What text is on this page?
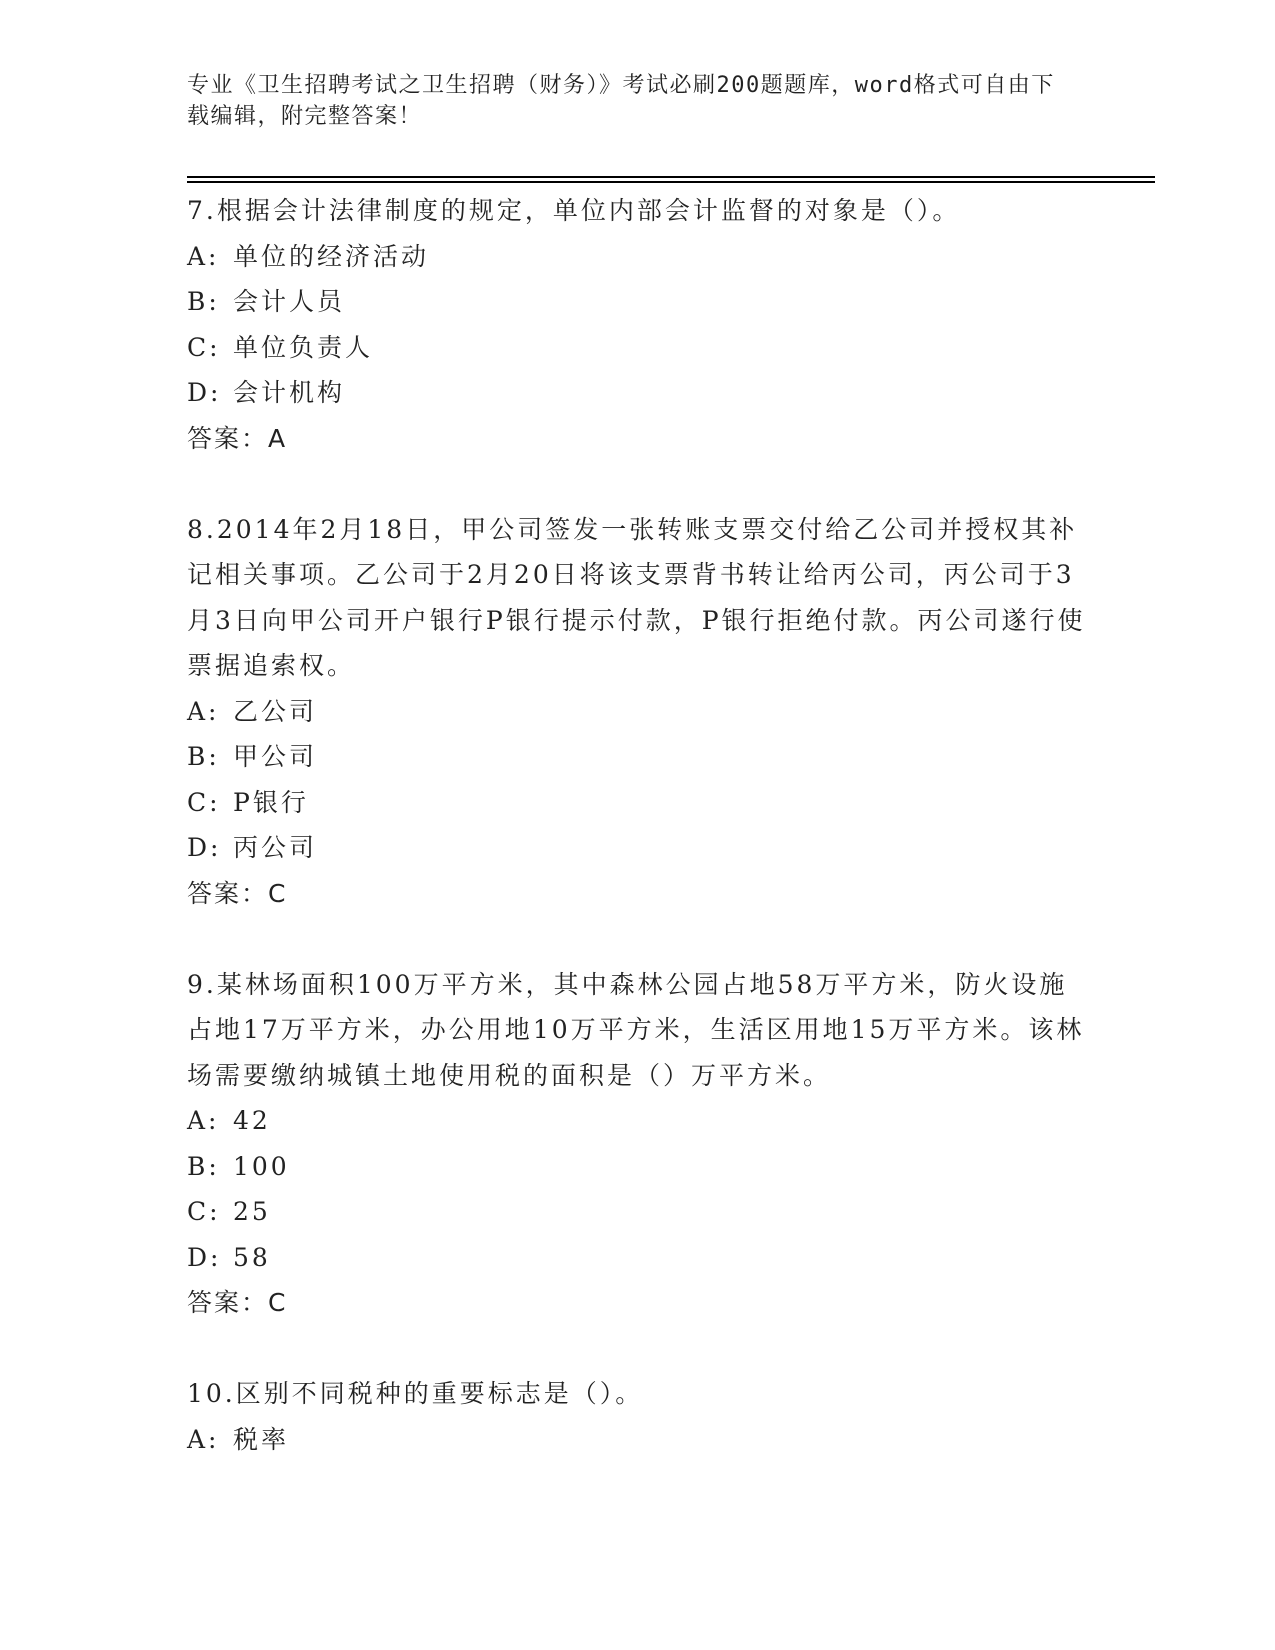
专业《卫生招聘考试之卫生招聘（财务）》考试必刷200题题库，word格式可自由下载编辑，附完整答案！
7.根据会计法律制度的规定，单位内部会计监督的对象是（）。
A: 单位的经济活动
B: 会计人员
C: 单位负责人
D: 会计机构
答案：A
8.2014年2月18日，甲公司签发一张转账支票交付给乙公司并授权其补记相关事项。乙公司于2月20日将该支票背书转让给丙公司，丙公司于3月3日向甲公司开户银行P银行提示付款，P银行拒绝付款。丙公司遂行使票据追索权。
A: 乙公司
B: 甲公司
C: P银行
D: 丙公司
答案：C
9.某林场面积100万平方米，其中森林公园占地58万平方米，防火设施占地17万平方米，办公用地10万平方米，生活区用地15万平方米。该林场需要缴纳城镇土地使用税的面积是（）万平方米。
A: 42
B: 100
C: 25
D: 58
答案：C
10.区别不同税种的重要标志是（）。
A: 税率
